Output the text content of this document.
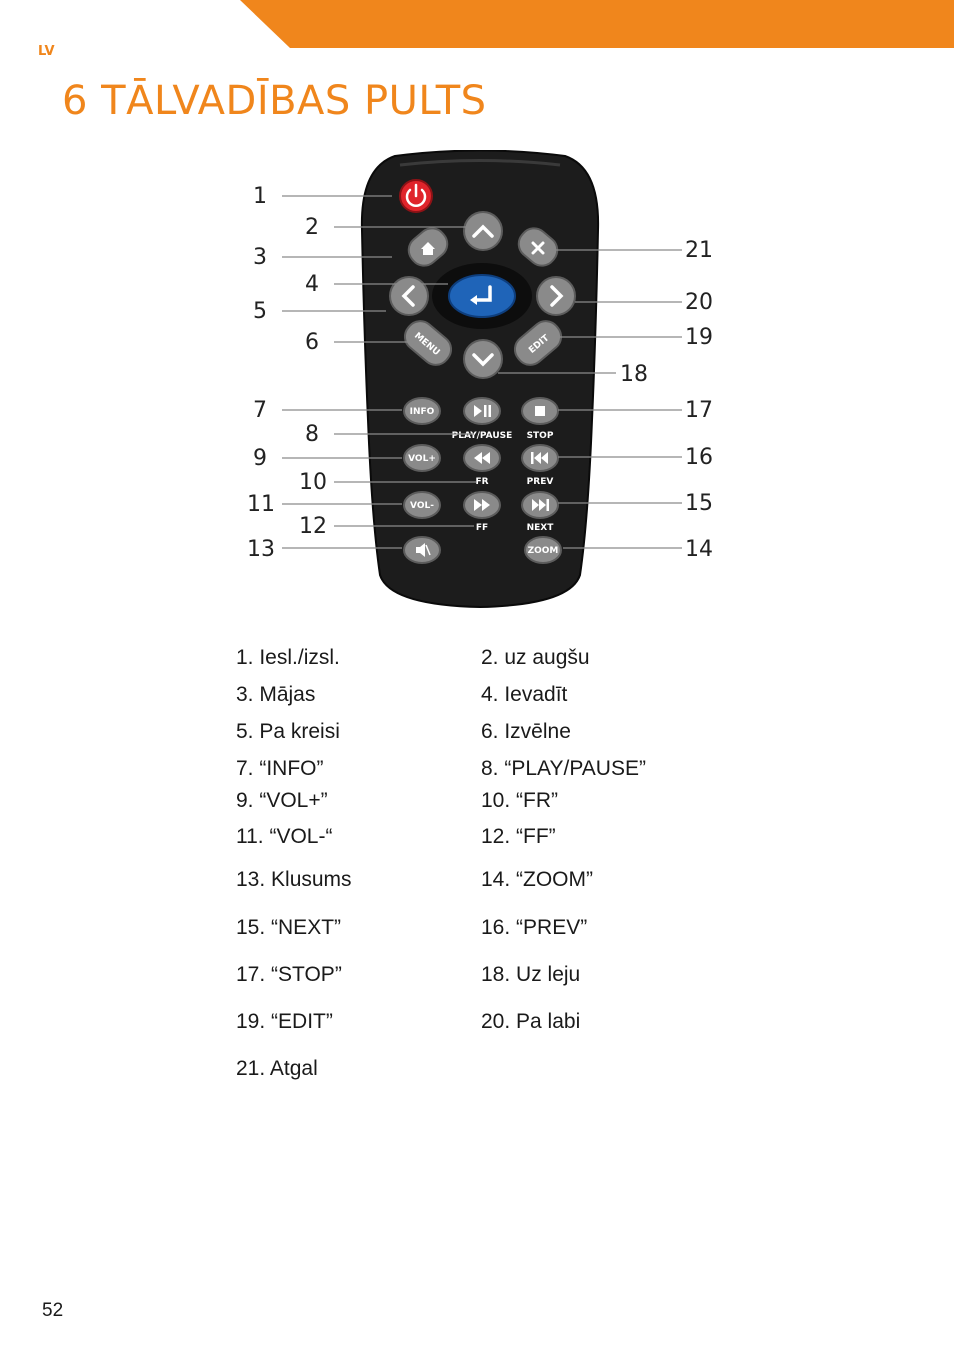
LV
6 TĀLVADĪBAS PULTS
MENU	EDIT
INFO
PLAY/PAUSE STOP
VOL+
FR	PREV
VOL-
FF	NEXT
ZOOM
1
2
3
4
5
6
7
8
9
10
11
12
13	14
15
16
17
18
19
20
21
1. Iesl./izsl.	2. uz augšu
3. Mājas	4. Ievadīt
5. Pa kreisi	6. Izvēlne
7. “INFO”	8. “PLAY/PAUSE”
9. “VOL+”	10. “FR”
11. “VOL-“	12. “FF”
13. Klusums	14. “ZOOM”
15. “NEXT”	16. “PREV”
17. “STOP”	18. Uz leju
19. “EDIT”	20. Pa labi
21. Atgal
52
